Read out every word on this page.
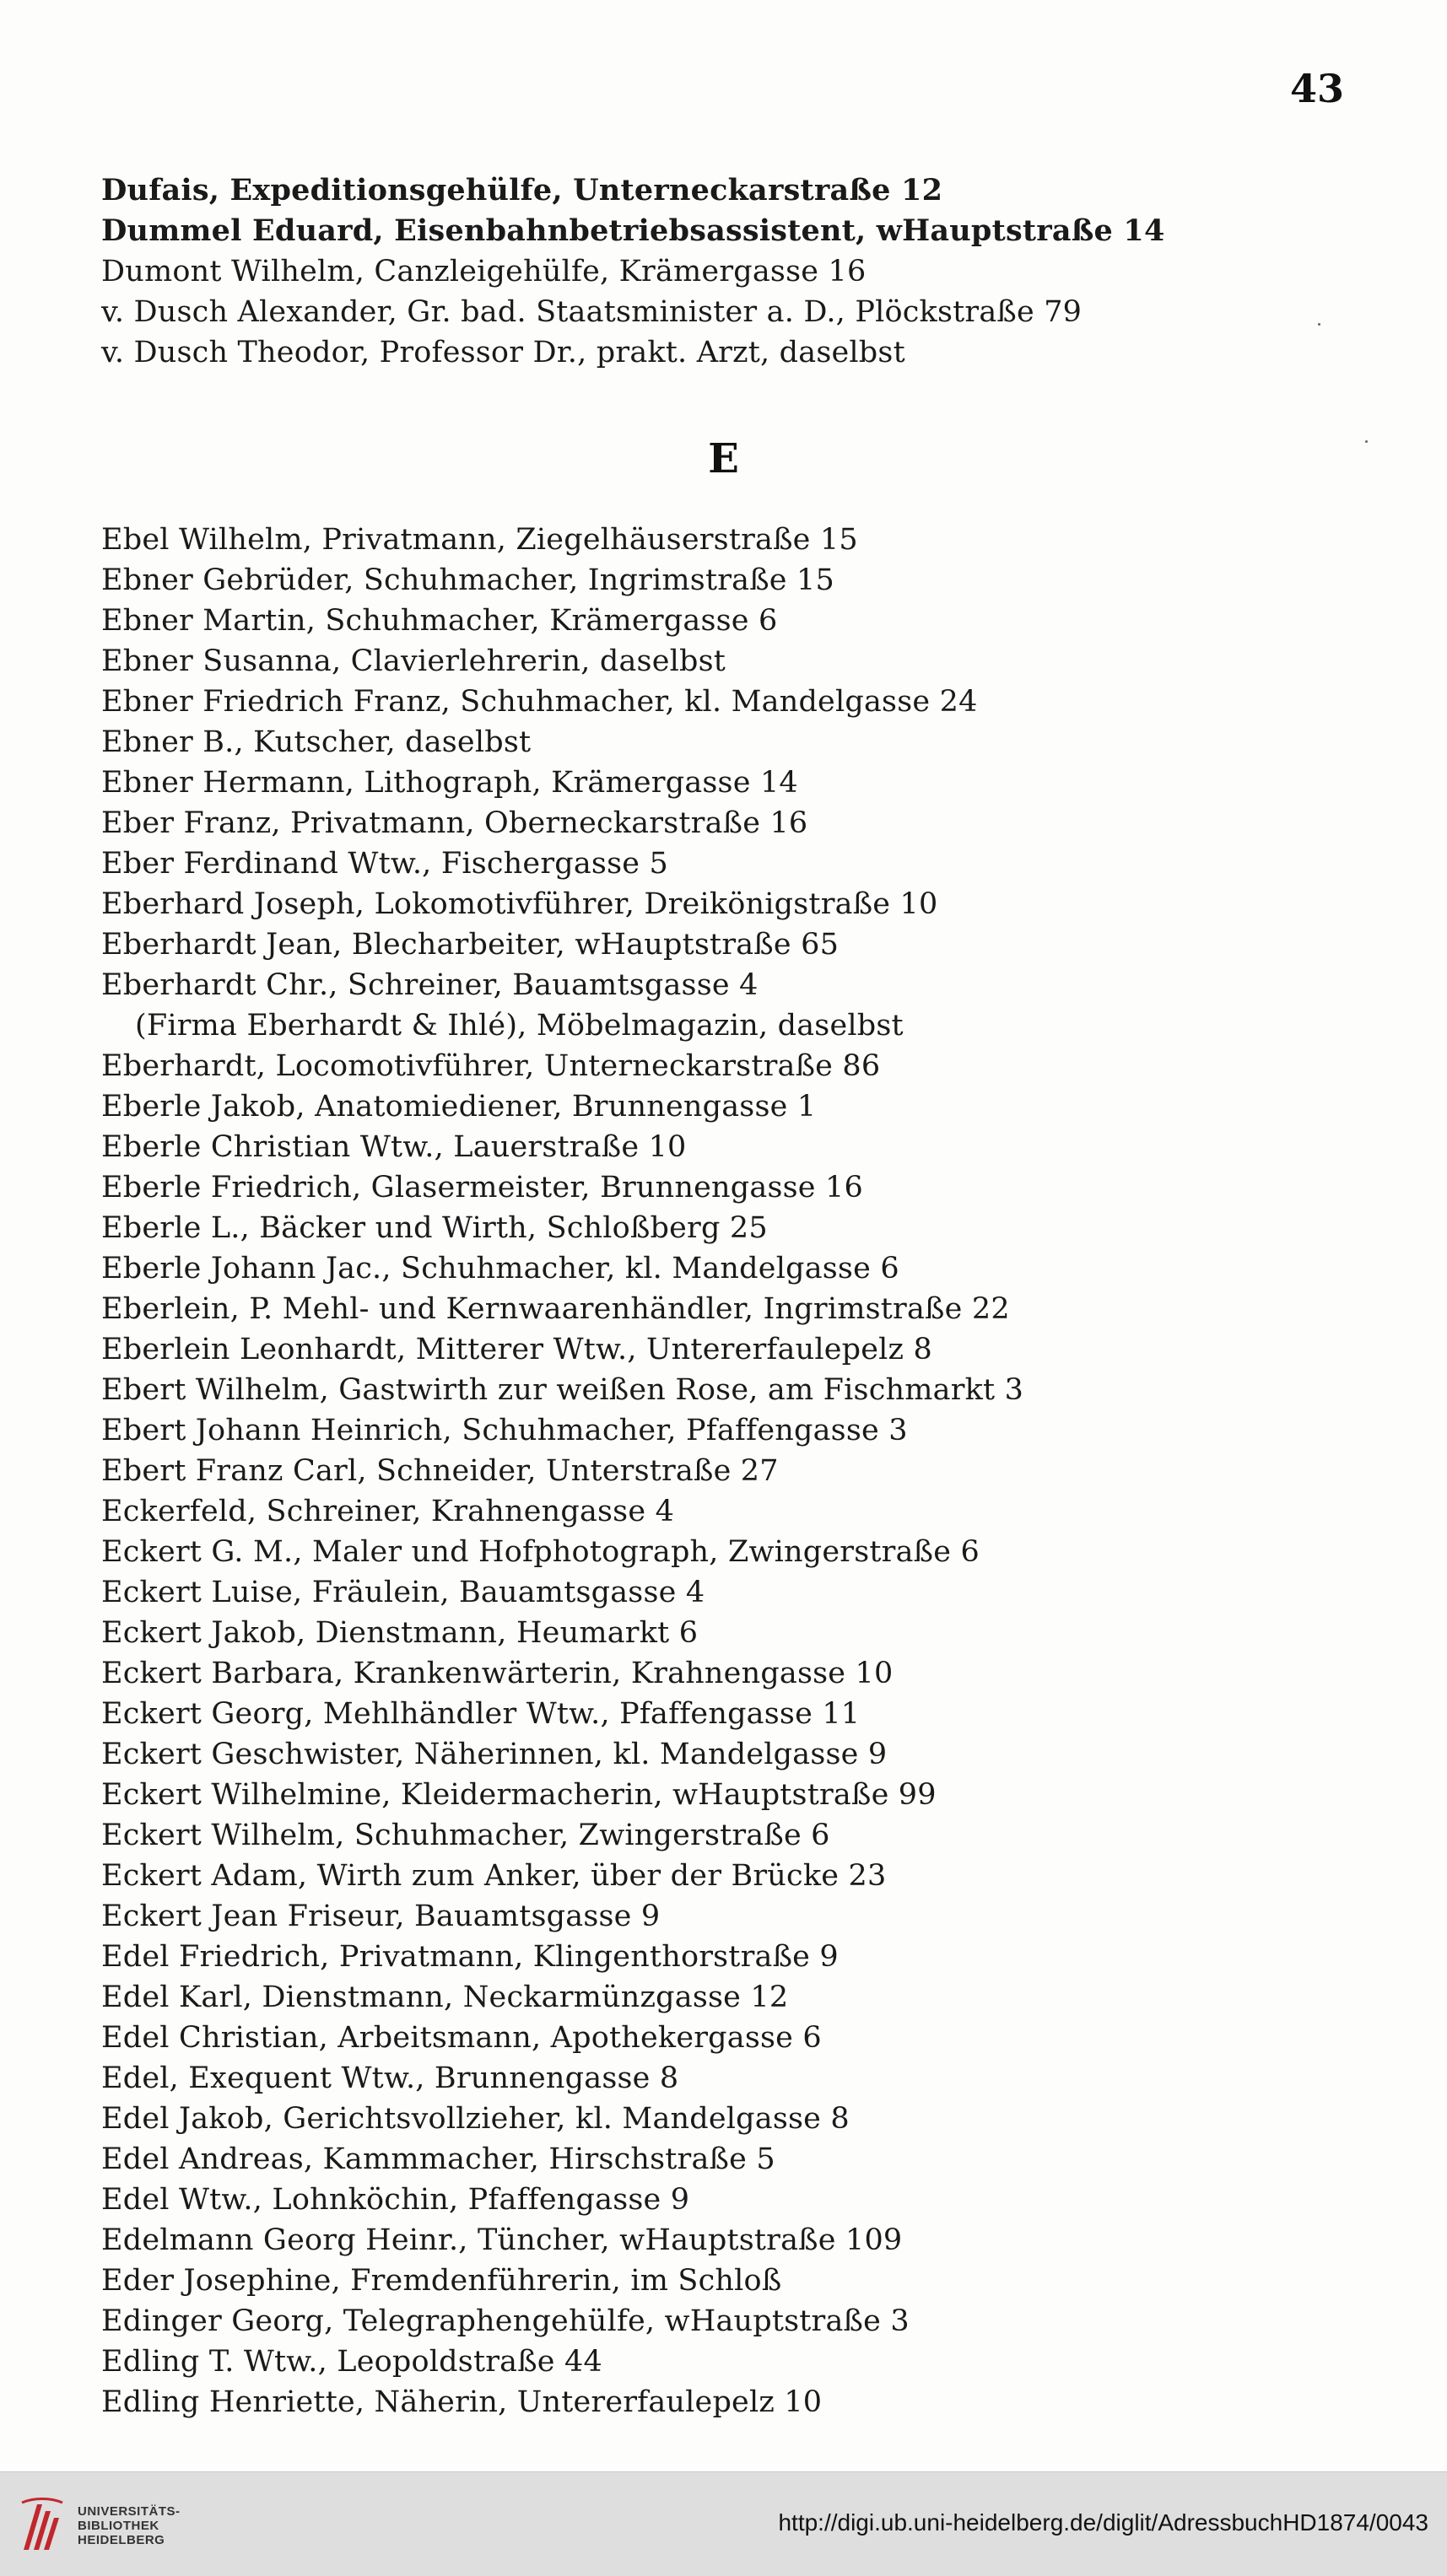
43
Dufais, Expeditionsgehülfe, Unterneckarstraße 12
Dummel Eduard, Eisenbahnbetriebsassistent, wHauptstraße 14
Dumont Wilhelm, Canzleigehülfe, Krämergasse 16
v. Dusch Alexander, Gr. bad. Staatsminister a. D., Plöckstraße 79
v. Dusch Theodor, Professor Dr., prakt. Arzt, daselbst
E
Ebel Wilhelm, Privatmann, Ziegelhäuserstraße 15
Ebner Gebrüder, Schuhmacher, Ingrimstraße 15
Ebner Martin, Schuhmacher, Krämergasse 6
Ebner Susanna, Clavierlehrerin, daselbst
Ebner Friedrich Franz, Schuhmacher, kl. Mandelgasse 24
Ebner B., Kutscher, daselbst
Ebner Hermann, Lithograph, Krämergasse 14
Eber Franz, Privatmann, Oberneckarstraße 16
Eber Ferdinand Wtw., Fischergasse 5
Eberhard Joseph, Lokomotivführer, Dreikönigstraße 10
Eberhardt Jean, Blecharbeiter, wHauptstraße 65
Eberhardt Chr., Schreiner, Bauamtsgasse 4
(Firma Eberhardt & Ihlé), Möbelmagazin, daselbst
Eberhardt, Locomotivführer, Unterneckarstraße 86
Eberle Jakob, Anatomiediener, Brunnengasse 1
Eberle Christian Wtw., Lauerstraße 10
Eberle Friedrich, Glasermeister, Brunnengasse 16
Eberle L., Bäcker und Wirth, Schloßberg 25
Eberle Johann Jac., Schuhmacher, kl. Mandelgasse 6
Eberlein, P. Mehl- und Kernwaarenhändler, Ingrimstraße 22
Eberlein Leonhardt, Mitterer Wtw., Untererfaulepelz 8
Ebert Wilhelm, Gastwirth zur weißen Rose, am Fischmarkt 3
Ebert Johann Heinrich, Schuhmacher, Pfaffengasse 3
Ebert Franz Carl, Schneider, Unterstraße 27
Eckerfeld, Schreiner, Krahnengasse 4
Eckert G. M., Maler und Hofphotograph, Zwingerstraße 6
Eckert Luise, Fräulein, Bauamtsgasse 4
Eckert Jakob, Dienstmann, Heumarkt 6
Eckert Barbara, Krankenwärterin, Krahnengasse 10
Eckert Georg, Mehlhändler Wtw., Pfaffengasse 11
Eckert Geschwister, Näherinnen, kl. Mandelgasse 9
Eckert Wilhelmine, Kleidermacherin, wHauptstraße 99
Eckert Wilhelm, Schuhmacher, Zwingerstraße 6
Eckert Adam, Wirth zum Anker, über der Brücke 23
Eckert Jean Friseur, Bauamtsgasse 9
Edel Friedrich, Privatmann, Klingenthorstraße 9
Edel Karl, Dienstmann, Neckarmünzgasse 12
Edel Christian, Arbeitsmann, Apothekergasse 6
Edel, Exequent Wtw., Brunnengasse 8
Edel Jakob, Gerichtsvollzieher, kl. Mandelgasse 8
Edel Andreas, Kammmacher, Hirschstraße 5
Edel Wtw., Lohnköchin, Pfaffengasse 9
Edelmann Georg Heinr., Tüncher, wHauptstraße 109
Eder Josephine, Fremdenführerin, im Schloß
Edinger Georg, Telegraphengehülfe, wHauptstraße 3
Edling T. Wtw., Leopoldstraße 44
Edling Henriette, Näherin, Untererfaulepelz 10
UNIVERSITÄTS-
BIBLIOTHEK
HEIDELBERG
http://digi.ub.uni-heidelberg.de/diglit/AdressbuchHD1874/0043
